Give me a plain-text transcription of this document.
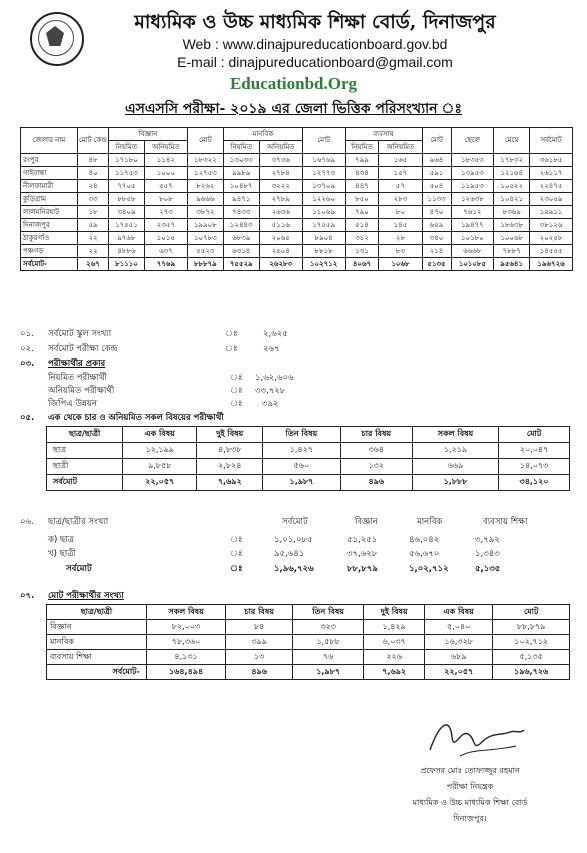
মাধ্যমিক ও উচ্চ মাধ্যমিক শিক্ষা বোর্ড, দিনাজপুর
Web : www.dinajpureducationboard.gov.bd
E-mail : dinajpureducationboard@gmail.com
Educationbd.Org
এসএসসি পরীক্ষা- ২০১৯ এর জেলা ভিত্তিক পরিসংখ্যান ঃ
জেলার নাম	মোট কেন্দ্র	বিজ্ঞান		মোট	মানবিক		মোট	ব্যবসায়		মোট	ছেলে	মেয়ে	সর্বমোট
		নিয়মিত	অনিয়মিত		নিয়মিত	অনিয়মিত		নিয়মিত	অনিয়মিত				
রংপুর	৪৮	১৭১৮০	১১৪২	১৮৩২২	১৩০৩৩	৩৭৩৬	১৬৭৬৯	৭৯৯	১৬৫	৯৬৪	১৮৩৫৩	১৭৮৩২	৩৬১৮৫
গাইবান্ধা	৪০	১১৭৫৩	১০০০	১২৭৫৩	৯৯৮৯	২৭৮৪	১২৭৭৩	৪৩৪	১৫৭	৫৯১	১৩৯৫৩	১২১৬৪	২৬১১৭
নীলফামারী	২৪	৭৭০৫	৫৫৭	৮২৬২	১০৪৮৭	৩২২২	১৩৭০৯	৪৪৭	৫৭	৫০৪	১১৯৫৩	১০৫২২	২২৪৭৫
কুড়িগ্রাম	৩৩	৮৮৫৮	৮০৮	৯৬৬৬	৯৪৭১	২৭৮৯	১২২৬০	৮৫০	২৮৩	১১৩৩	১২৬৩৮	১০৪২১	২৩০৫৯
লালমনিরহাট	১৮	৩৪০৯	২৭৩	৩৮৭২	৭৪৩৩	২৬৩৬	১১০৬৯	৭৯০	৮০	৪৭০	৭৬১২	৮৩৬৯	১৫৯১১
দিনাজপুর	৫৯	১৭৫৫১	২৩৫৭	১৯৯০৮	১২৪৪৩	৫১১৬	১৭৫৫৯	৫১৪	১৪৫	৬৫৯	১৯৪৭৭	১৮৬৩৮	৩৮১২৬
ঠাকুরগাঁও	২২	৯৭৬৮	১০১৫	১০৭৮৩	৬৮৩৯	২০৬৫	৮৯০৪	৩১২	২৮	৩৪০	১০১৮০	১০০৬৮	২০২৫৮
পঞ্চগড়	২২	৪৮৮৬	৬৩৭	৫৫২৩	৬৩১৪	২৫০৪	৮৮১৮	১৩১	৮৩	২১৪	৬৬৬৮	৭৮৮৭	১৪৫৫৫
সর্বমোট-	২৬৭	৮১১১০	৭৭৬৯	৮৮৮৭৯	৭৫৫২৯	২৬২৮৩	১০২৭১২	৪০৬৭	১০৬৮	৫১৩৫	১০১০৮৫	৯৫৬৪১	১৯৬৭২৬
০১. সর্বমোট স্কুল সংখ্যা	ঃ	২,৬২৫
০২. সর্বমোট পরীক্ষা কেন্দ্র	ঃ	২৬৭
০৩. পরীক্ষার্থীর প্রকার
নিয়মিত পরীক্ষার্থী	ঃ ১,৬২,৬০৬
অনিয়মিত পরীক্ষার্থী	ঃ ৩৩,৭২৮
জিপিএ উন্নয়ন	ঃ ৩৯২
ছাত্র/ছাত্রী	এক বিষয়	দুই বিষয়	তিন বিষয়	চার বিষয়	সকল বিষয়	মোট
ছাত্র	১২,১৯৯	৪,৮৩৮	১,৪২৭	৩৬৪	১,২১৯	২০,০৪৭
ছাত্রী	৯,৮৫৮	২,৮২৪	৫৬০	১৩২	৬৬৯	১৪,০৭৩
সর্বমোট	২২,০৫৭	৭,৬৯২	১,৯৮৭	৪৯৬	১,৮৮৮	৩৪,১২০
০৬. ছাত্র/ছাত্রীর সংখ্যা	সর্বমোট	বিজ্ঞান	মানবিক	ব্যবসায় শিক্ষা
ক) ছাত্র	ঃ	১,০১,০৮৫	৫১,২৫১	৪৬,০৪২	৩,৭৯২
খ) ছাত্রী	ঃ	৯৫,৬৪১	৩৭,৬২৮	৫৬,৬৭০	১,৩৪৩
সর্বমোট	ঃ	১,৯৬,৭২৬	৮৮,৮৭৯	১,০২,৭১২	৫,১৩৫
০৭. মোট পরীক্ষার্থীর সংখ্যা
ছাত্র/ছাত্রী	সকল বিষয়	চার বিষয়	তিন বিষয়	দুই বিষয়	এক বিষয়	মোট
বিজ্ঞান	৮২,০০৩	৮৪	৩২৩	১,৪২৯	৫,০৪০	৮৮,৮৭৯
মানবিক	৭৮,৩৬০	৩৯৯	১,৫৮৮	৬,০৩৭	১৬,৩২৮	১০২,৭১২
ব্যবসায় শিক্ষা	৪,১৩১	১৩	৭৬	২২৬	৬৮৯	৫,১৩৫
সর্বমোট-	১৬৪,৪৯৪	৪৯৬	১,৯৮৭	৭,৬৯২	২২,০৫৭	১৯৬,৭২৬
প্রফেসর মোঃ তোফাজ্জুর রহমান
পরীক্ষা নিয়ন্ত্রক
মাধ্যমিক ও উচ্চ মাধ্যমিক শিক্ষা বোর্ড
দিনাজপুর।
০৫. এক থেকে চার ও অনিয়মিত সকল বিষয়ের পরীক্ষার্থী
